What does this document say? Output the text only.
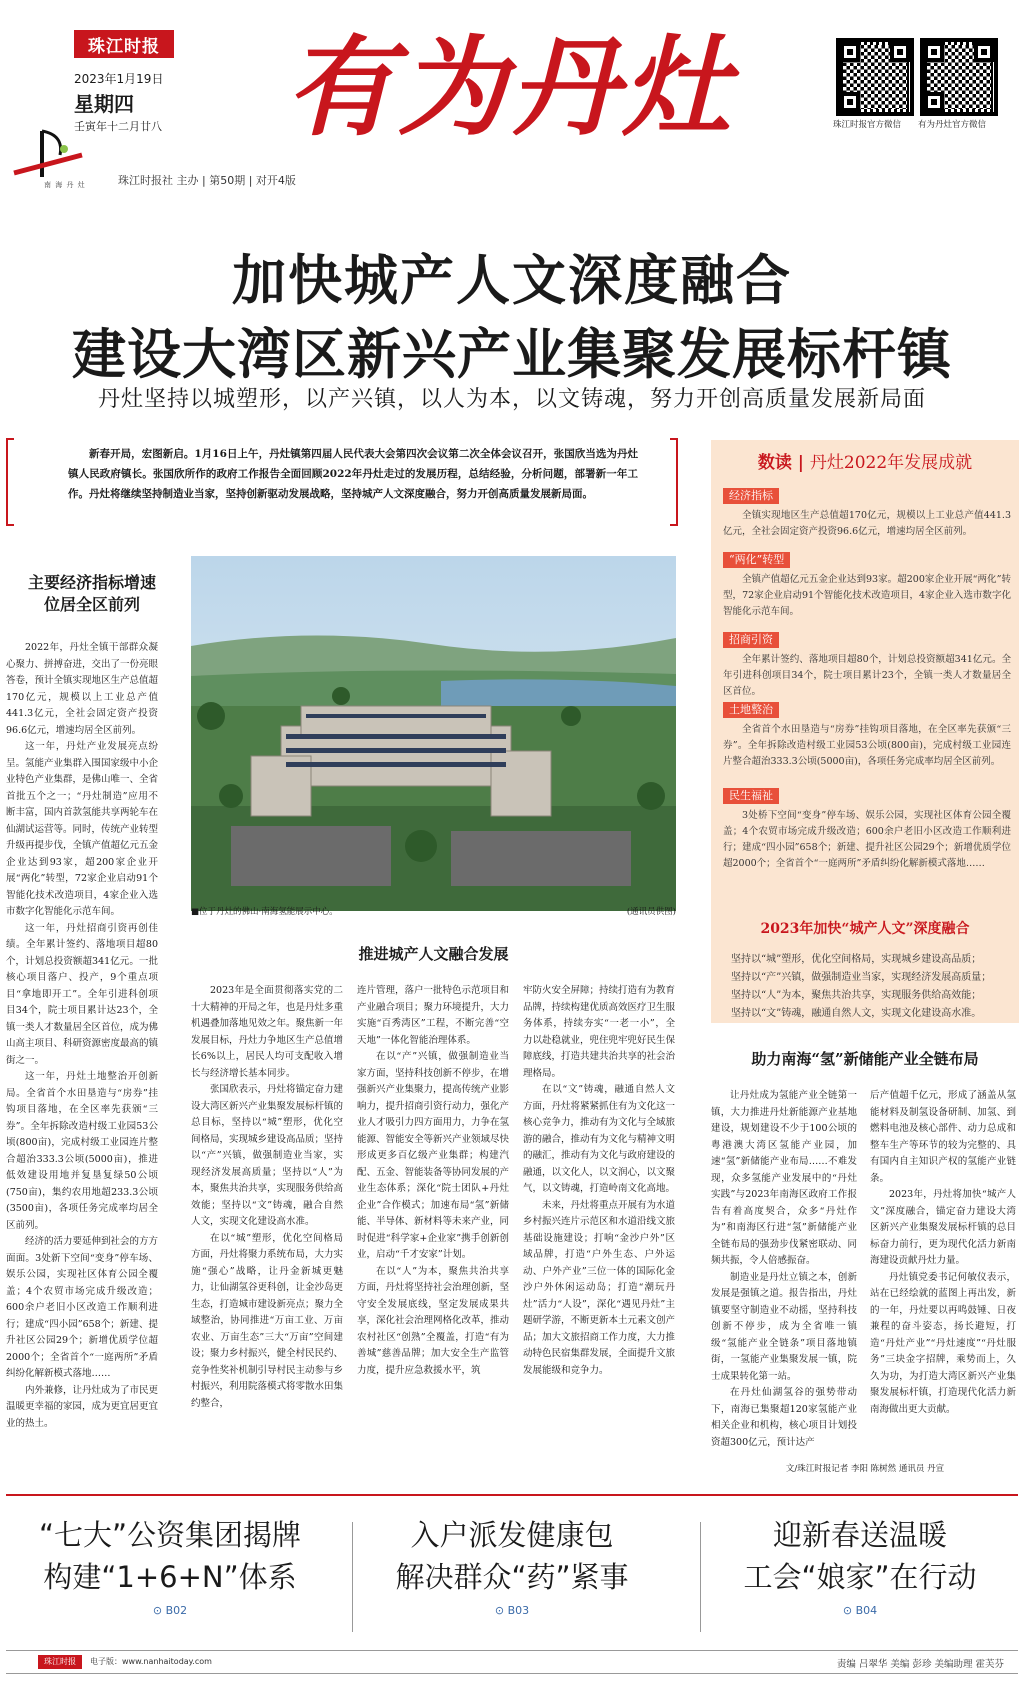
珠江时报
2023年1月19日
星期四
壬寅年十二月廿八
南 海 丹 灶
有为丹灶
珠江时报社 主办 | 第50期 | 对开4版
珠江时报官方微信 有为丹灶官方微信
加快城产人文深度融合
建设大湾区新兴产业集聚发展标杆镇
丹灶坚持以城塑形，以产兴镇，以人为本，以文铸魂，努力开创高质量发展新局面
新春开局，宏图新启。1月16日上午，丹灶镇第四届人民代表大会第四次会议第二次全体会议召开，张国欣当选为丹灶镇人民政府镇长。张国欣所作的政府工作报告全面回顾2022年丹灶走过的发展历程，总结经验，分析问题，部署新一年工作。丹灶将继续坚持制造业当家，坚持创新驱动发展战略，坚持城产人文深度融合，努力开创高质量发展新局面。
主要经济指标增速
位居全区前列

2022年，丹灶全镇干部群众凝心聚力、拼搏奋进，交出了一份亮眼答卷，预计全镇实现地区生产总值超170亿元，规模以上工业总产值441.3亿元，全社会固定资产投资96.6亿元，增速均居全区前列。

这一年，丹灶产业发展亮点纷呈。氢能产业集群入围国家级中小企业特色产业集群，是佛山唯一、全省首批五个之一；“丹灶制造”应用不断丰富，国内首款氢能共享两轮车在仙湖试运营等。同时，传统产业转型升级再提步伐，全镇产值超亿元五金企业达到93家，超200家企业开展“两化”转型，72家企业启动91个智能化技术改造项目，4家企业入选市数字化智能化示范车间。

这一年，丹灶招商引资再创佳绩。全年累计签约、落地项目超80个，计划总投资额超341亿元。一批核心项目落户、投产，9个重点项目“拿地即开工”。全年引进科创项目34个，院士项目累计达23个，全镇一类人才数量居全区首位，成为佛山高主项目、科研资源密度最高的镇街之一。

这一年，丹灶土地整治开创新局。全省首个水田垦造与“房券”挂钩项目落地，在全区率先获颁“三券”。全年拆除改造村级工业园53公顷(800亩)，完成村级工业园连片整合超治333.3公顷(5000亩)，推进低效建设用地并复垦复绿50公顷(750亩)，集约农用地超233.3公顷(3500亩)，各项任务完成率均居全区前列。

经济的活力要延伸到社会的方方面面。3处新下空间“变身”停车场、娱乐公园，实现社区体育公园全覆盖；4个农贸市场完成升级改造；600余户老旧小区改造工作顺利进行；建成“四小园”658个；新建、提升社区公园29个；新增优质学位超2000个；全省首个“一庭两所”矛盾纠纷化解新模式落地……

内外兼修，让丹灶成为了市民更温暖更幸福的家园，成为更宜居更宜业的热土。

■位于丹灶的佛山·南海氢能展示中心。	(通讯员供图)
推进城产人文融合发展

2023年是全面贯彻落实党的二十大精神的开局之年，也是丹灶多重机遇叠加落地见效之年。聚焦新一年发展目标，丹灶力争地区生产总值增长6%以上，居民人均可支配收入增长与经济增长基本同步。

张国欣表示，丹灶将锚定奋力建设大湾区新兴产业集聚发展标杆镇的总目标，坚持以“城”塑形，优化空间格局，实现城乡建设高品质；坚持以“产”兴镇，做强制造业当家，实现经济发展高质量；坚持以“人”为本，聚焦共治共享，实现服务供给高效能；坚持以“文”铸魂，融合自然人文，实现文化建设高水准。

在以“城”塑形，优化空间格局方面，丹灶将聚力系统布局，大力实施“强心”战略，让丹金新城更魅力，让仙湖氢谷更科创，让金沙岛更生态，打造城市建设新亮点；聚力全域整治，协同推进“万亩工业、万亩农业、万亩生态”三大“万亩”空间建设；聚力乡村振兴，健全村民民约、竞争性奖补机制引导村民主动参与乡村振兴，利用院落模式将零散水田集约整合，

连片管理，落户一批特色示范项目和产业融合项目；聚力环境提升，大力实施“百秀湾区”工程，不断完善“空天地”一体化智能治理体系。

在以“产”兴镇，做强制造业当家方面，坚持科技创新不停步，在增强新兴产业集聚力，提高传统产业影响力，提升招商引资行动力，强化产业人才吸引力四方面用力，力争在氢能源、智能安全等新兴产业领域尽快形成更多百亿级产业集群；构建汽配、五金、智能装备等协同发展的产业生态体系；深化“院士团队+丹灶企业”合作模式；加速布局“氢”新储能、半导体、新材料等未来产业，同时促进“科学家+企业家”携手创新创业，启动“千才安家”计划。

在以“人”为本，聚焦共治共享方面，丹灶将坚持社会治理创新，坚守安全发展底线，坚定发展成果共享，深化社会治理网格化改革，推动农村社区“创熟”全覆盖，打造“有为善城”慈善品牌；加大安全生产监管力度，提升应急救援水平，筑

牢防火安全屏障；持续打造有为教育品牌，持续构建优质高效医疗卫生服务体系，持续夯实“一老一小”，全力以赴稳就业，兜住兜牢兜好民生保障底线，打造共建共治共享的社会治理格局。

在以“文”铸魂，融通自然人文方面，丹灶将紧紧抓住有为文化这一核心竞争力，推动有为文化与全域旅游的融合，推动有为文化与精神文明的融汇，推动有为文化与政府建设的融通，以文化人，以文润心，以文聚气，以文铸魂，打造岭南文化高地。

未来，丹灶将重点开展有为水道乡村振兴连片示范区和水道沿线文旅基础设施建设；打响“金沙户外”区域品牌，打造“户外生态、户外运动、户外产业”三位一体的国际化金沙户外休闲运动岛；打造“潮玩丹灶”活力“人设”，深化“遇见丹灶”主题研学游，不断更新本土元素文创产品；加大文旅招商工作力度，大力推动特色民宿集群发展，全面提升文旅发展能级和竞争力。

数读 | 丹灶2022年发展成就
经济指标
全镇实现地区生产总值超170亿元，规模以上工业总产值441.3亿元，全社会固定资产投资96.6亿元，增速均居全区前列。
“两化”转型
全镇产值超亿元五金企业达到93家。超200家企业开展“两化”转型，72家企业启动91个智能化技术改造项目，4家企业入选市数字化智能化示范车间。
招商引资
全年累计签约、落地项目超80个，计划总投资额超341亿元。全年引进科创项目34个，院士项目累计23个，全镇一类人才数量居全区首位。
土地整治
全省首个水田垦造与“房券”挂钩项目落地，在全区率先获颁“三券”。全年拆除改造村级工业园53公顷(800亩)，完成村级工业园连片整合超治333.3公顷(5000亩)，各项任务完成率均居全区前列。
民生福祉
3处桥下空间“变身”停车场、娱乐公园，实现社区体育公园全覆盖；4个农贸市场完成升级改造；600余户老旧小区改造工作顺利进行；建成“四小园”658个；新建、提升社区公园29个；新增优质学位超2000个；全省首个“一庭两所”矛盾纠纷化解新模式落地……
2023年加快“城产人文”深度融合
坚持以“城”塑形，优化空间格局，实现城乡建设高品质；
坚持以“产”兴镇，做强制造业当家，实现经济发展高质量；
坚持以“人”为本，聚焦共治共享，实现服务供给高效能；
坚持以“文”铸魂，融通自然人文，实现文化建设高水准。
助力南海“氢”新储能产业全链布局

让丹灶成为氢能产业全链第一镇，大力推进丹灶新能源产业基地建设，规划建设不少于100公顷的粤港澳大湾区氢能产业园，加速“氢”新储能产业布局……不难发现，众多氢能产业发展中的“丹灶实践”与2023年南海区政府工作报告有着高度契合，众多“丹灶作为”和南海区行进“氢”新储能产业全链布局的强劲步伐紧密联动、同频共振，令人倍感振奋。

制造业是丹灶立镇之本，创新发展是强镇之道。报告指出，丹灶镇要坚守制造业不动摇，坚持科技创新不停步，成为全省唯一镇级“氢能产业全链条”项目落地镇街，一氢能产业集聚发展一镇，院士成果转化第一站。

在丹灶仙湖氢谷的强势带动下，南海已集聚超120家氢能产业相关企业和机构，核心项目计划投资超300亿元，预计达产

后产值超千亿元，形成了涵盖从氢能材料及制氢设备研制、加氢、到燃料电池及核心部件、动力总成和整车生产等环节的较为完整的、具有国内自主知识产权的氢能产业链条。

2023年，丹灶将加快“城产人文”深度融合，锚定奋力建设大湾区新兴产业集聚发展标杆镇的总目标奋力前行，更为现代化活力新南海建设贡献丹灶力量。

丹灶镇党委书记何敏仪表示，站在已经绘就的蓝图上再出发，新的一年，丹灶要以再鸣鼓锤、日夜兼程的奋斗姿态，扬长避短，打造“丹灶产业”“丹灶速度”“丹灶服务”三块金字招牌，乘势而上，久久为功，为打造大湾区新兴产业集聚发展标杆镇，打造现代化活力新南海做出更大贡献。

文/珠江时报记者 李阳 陈树然 通讯员 丹宣
“七大”公资集团揭牌
构建“1+6+N”体系
⊙ B02
入户派发健康包
解决群众“药”紧事
⊙ B03
迎新春送温暖
工会“娘家”在行动
⊙ B04
珠江时报	电子版：www.nanhaitoday.com	责编 吕翠华 美编 彭珍 美编助理 霍芙芬
